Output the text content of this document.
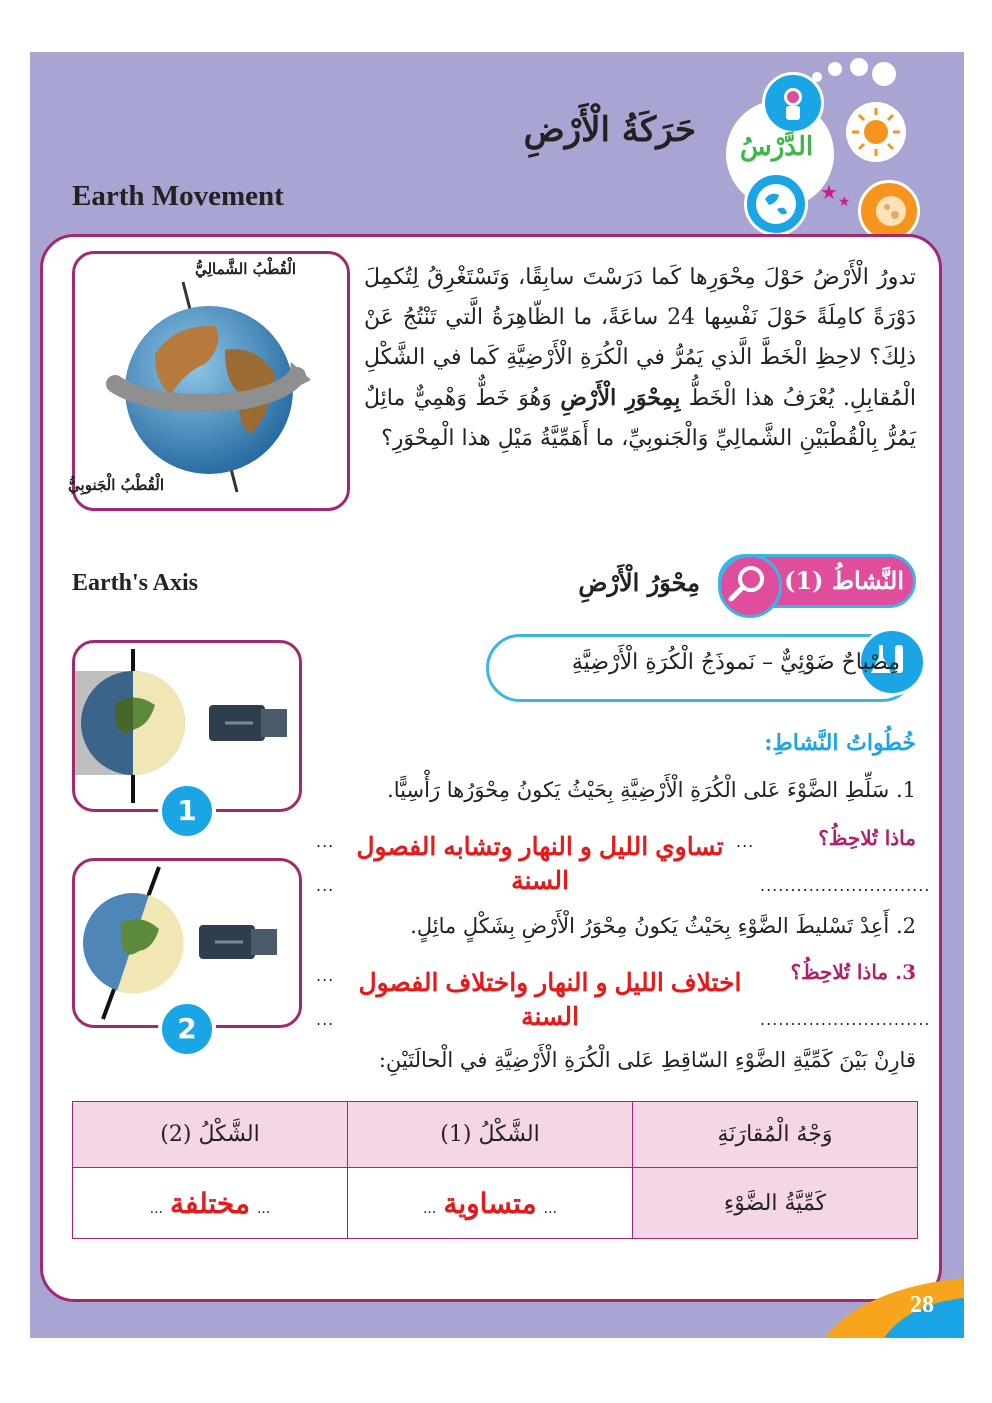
★ ★
الدَّرْسُ
حَرَكَةُ الْأَرْضِ
Earth Movement
الْقُطْبُ الشَّمالِيُّ
الْقُطْبُ الْجَنوبِيُّ
تدورُ الْأَرْضُ حَوْلَ مِحْوَرِها كَما دَرَسْتَ سابِقًا، وَتَسْتَغْرِقُ لِتُكمِلَ دَوْرَةً كامِلَةً حَوْلَ نَفْسِها 24 ساعَةً، ما الظّاهِرَةُ الَّتي تَنْتُجُ عَنْ ذلِكَ؟ لاحِظِ الْخَطَّ الَّذي يَمُرُّ في الْكُرَةِ الْأَرْضِيَّةِ كَما في الشَّكْلِ الْمُقابِلِ. يُعْرَفُ هذا الْخَطُّ بِمِحْوَرِ الْأَرْضِ وَهُوَ خَطٌّ وَهْمِيٌّ مائِلٌ يَمُرُّ بِالْقُطْبَيْنِ الشَّمالِيِّ وَالْجَنوبِيِّ، ما أَهَمِّيَّةُ مَيْلِ هذا الْمِحْوَرِ؟
Earth's Axis	النَّشاطُ (1)
مِحْوَرُ الْأَرْضِ
مِصْباحٌ ضَوْئِيٌّ – نَموذَجُ الْكُرَةِ الْأَرْضِيَّةِ
1
2
خُطُواتُ النَّشاطِ:
1. سَلِّطِ الضَّوْءَ عَلى الْكُرَةِ الْأَرْضِيَّةِ بِحَيْثُ يَكونُ مِحْوَرُها رَأْسِيًّا.
ماذا تُلاحِظُ؟
...
تساوي الليل و النهار وتشابه الفصول السنة
...
...	............................
2. أَعِدْ تَسْليطَ الضَّوْءِ بِحَيْثُ يَكونُ مِحْوَرُ الْأَرْضِ بِشَكْلٍ مائِلٍ.
3. ماذا تُلاحِظُ؟
... اختلاف الليل و النهار واختلاف الفصول السنة
...	............................
قارِنْ بَيْنَ كَمِّيَّةِ الضَّوْءِ السّاقِطِ عَلى الْكُرَةِ الْأَرْضِيَّةِ في الْحالَتَيْنِ:
وَجْهُ الْمُقارَنَةِ	الشَّكْلُ (1)	الشَّكْلُ (2)
كَمِّيَّةُ الضَّوْءِ	... متساوية ...	... مختلفة ...
28
